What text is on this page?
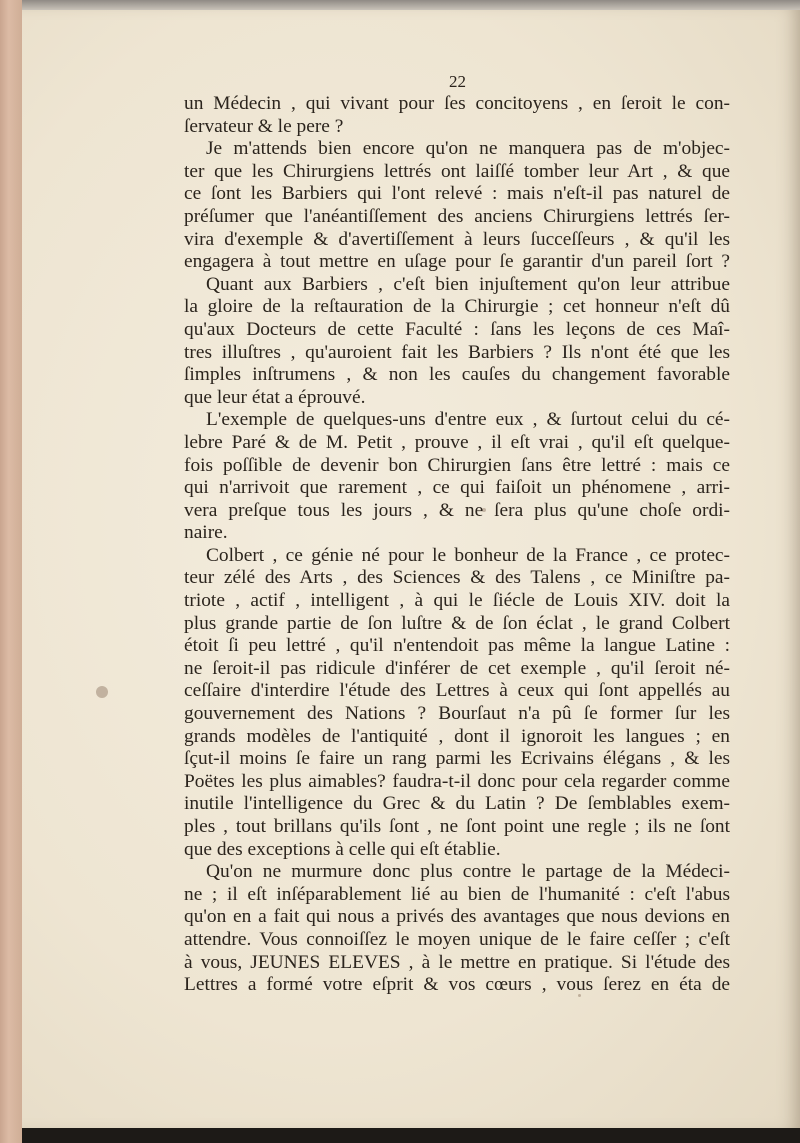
22
un Médecin , qui vivant pour ſes concitoyens , en ſeroit le con-
ſervateur & le pere ?
Je m'attends bien encore qu'on ne manquera pas de m'objec-
ter que les Chirurgiens lettrés ont laiſſé tomber leur Art , & que
ce ſont les Barbiers qui l'ont relevé : mais n'eſt-il pas naturel de
préſumer que l'anéantiſſement des anciens Chirurgiens lettrés ſer-
vira d'exemple & d'avertiſſement à leurs ſucceſſeurs , & qu'il les
engagera à tout mettre en uſage pour ſe garantir d'un pareil ſort ?
Quant aux Barbiers , c'eſt bien injuſtement qu'on leur attribue
la gloire de la reſtauration de la Chirurgie ; cet honneur n'eſt dû
qu'aux Docteurs de cette Faculté : ſans les leçons de ces Maî-
tres illuſtres , qu'auroient fait les Barbiers ? Ils n'ont été que les
ſimples inſtrumens , & non les cauſes du changement favorable
que leur état a éprouvé.
L'exemple de quelques-uns d'entre eux , & ſurtout celui du cé-
lebre Paré & de M. Petit , prouve , il eſt vrai , qu'il eſt quelque-
fois poſſible de devenir bon Chirurgien ſans être lettré : mais ce
qui n'arrivoit que rarement , ce qui faiſoit un phénomene , arri-
vera preſque tous les jours , & ne ſera plus qu'une choſe ordi-
naire.
Colbert , ce génie né pour le bonheur de la France , ce protec-
teur zélé des Arts , des Sciences & des Talens , ce Miniſtre pa-
triote , actif , intelligent , à qui le ſiécle de Louis XIV. doit la
plus grande partie de ſon luſtre & de ſon éclat , le grand Colbert
étoit ſi peu lettré , qu'il n'entendoit pas même la langue Latine :
ne ſeroit-il pas ridicule d'inférer de cet exemple , qu'il ſeroit né-
ceſſaire d'interdire l'étude des Lettres à ceux qui ſont appellés au
gouvernement des Nations ? Bourſaut n'a pû ſe former ſur les
grands modèles de l'antiquité , dont il ignoroit les langues ; en
ſçut-il moins ſe faire un rang parmi les Ecrivains élégans , & les
Poëtes les plus aimables? faudra-t-il donc pour cela regarder comme
inutile l'intelligence du Grec & du Latin ? De ſemblables exem-
ples , tout brillans qu'ils ſont , ne ſont point une regle ; ils ne ſont
que des exceptions à celle qui eſt établie.
Qu'on ne murmure donc plus contre le partage de la Médeci-
ne ; il eſt inſéparablement lié au bien de l'humanité : c'eſt l'abus
qu'on en a fait qui nous a privés des avantages que nous devions en
attendre. Vous connoiſſez le moyen unique de le faire ceſſer ; c'eſt
à vous, JEUNES ELEVES , à le mettre en pratique. Si l'étude des
Lettres a formé votre eſprit & vos cœurs , vous ſerez en éta de
